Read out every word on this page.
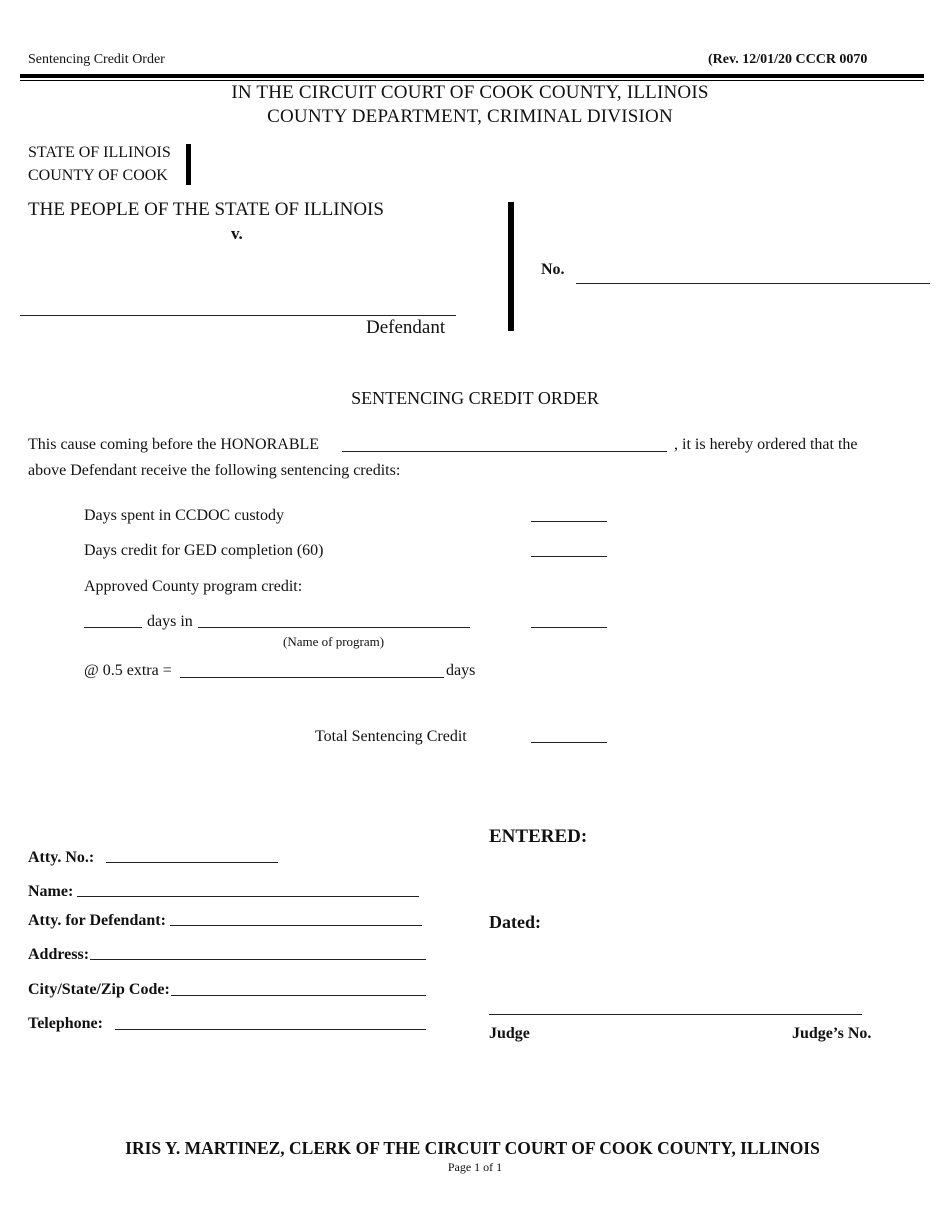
Sentencing Credit Order	(Rev. 12/01/20 CCCR 0070
IN THE CIRCUIT COURT OF COOK COUNTY, ILLINOIS
COUNTY DEPARTMENT, CRIMINAL DIVISION
STATE OF ILLINOIS
COUNTY OF COOK
THE PEOPLE OF THE STATE OF ILLINOIS
v.
Defendant
No.
SENTENCING CREDIT ORDER
This cause coming before the HONORABLE	, it is hereby ordered that the
above Defendant receive the following sentencing credits:
Days spent in CCDOC custody
Days credit for GED completion (60)
Approved County program credit:
days in
(Name of program)
@ 0.5 extra =	days
Total Sentencing Credit
Atty. No.:
Name:
Atty. for Defendant:
Address:
City/State/Zip Code:
Telephone:
ENTERED:
Dated:
Judge	Judge’s No.
IRIS Y. MARTINEZ, CLERK OF THE CIRCUIT COURT OF COOK COUNTY, ILLINOIS
Page 1 of 1
